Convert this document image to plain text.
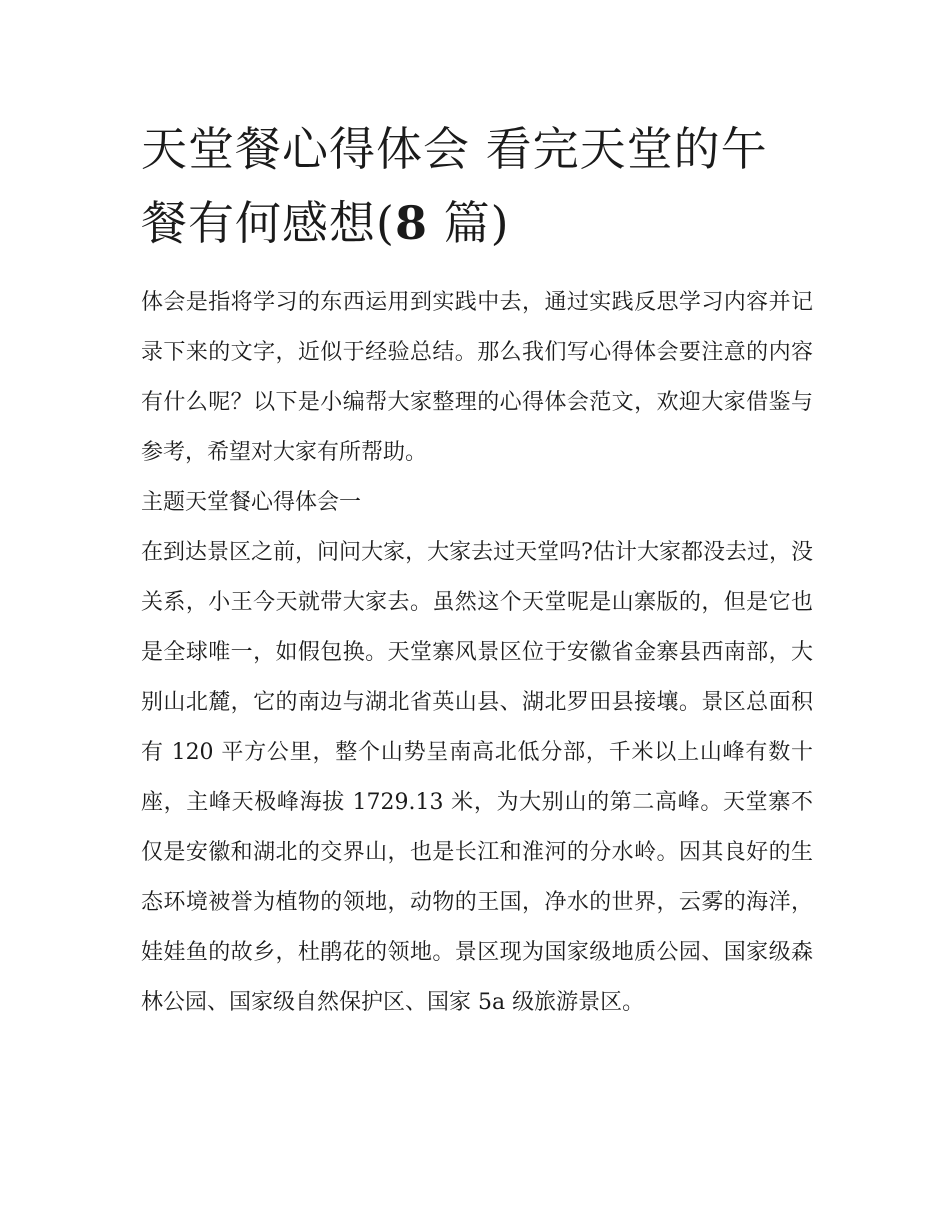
天堂餐心得体会 看完天堂的午餐有何感想(8 篇)

体会是指将学习的东西运用到实践中去，通过实践反思学习内容并记录下来的文字，近似于经验总结。那么我们写心得体会要注意的内容有什么呢？以下是小编帮大家整理的心得体会范文，欢迎大家借鉴与参考，希望对大家有所帮助。

主题天堂餐心得体会一

在到达景区之前，问问大家，大家去过天堂吗?估计大家都没去过，没关系，小王今天就带大家去。虽然这个天堂呢是山寨版的，但是它也是全球唯一，如假包换。天堂寨风景区位于安徽省金寨县西南部，大别山北麓，它的南边与湖北省英山县、湖北罗田县接壤。景区总面积有 120 平方公里，整个山势呈南高北低分部，千米以上山峰有数十座，主峰天极峰海拔 1729.13 米，为大别山的第二高峰。天堂寨不仅是安徽和湖北的交界山，也是长江和淮河的分水岭。因其良好的生态环境被誉为植物的领地，动物的王国，净水的世界，云雾的海洋，娃娃鱼的故乡，杜鹃花的领地。景区现为国家级地质公园、国家级森林公园、国家级自然保护区、国家 5a 级旅游景区。
